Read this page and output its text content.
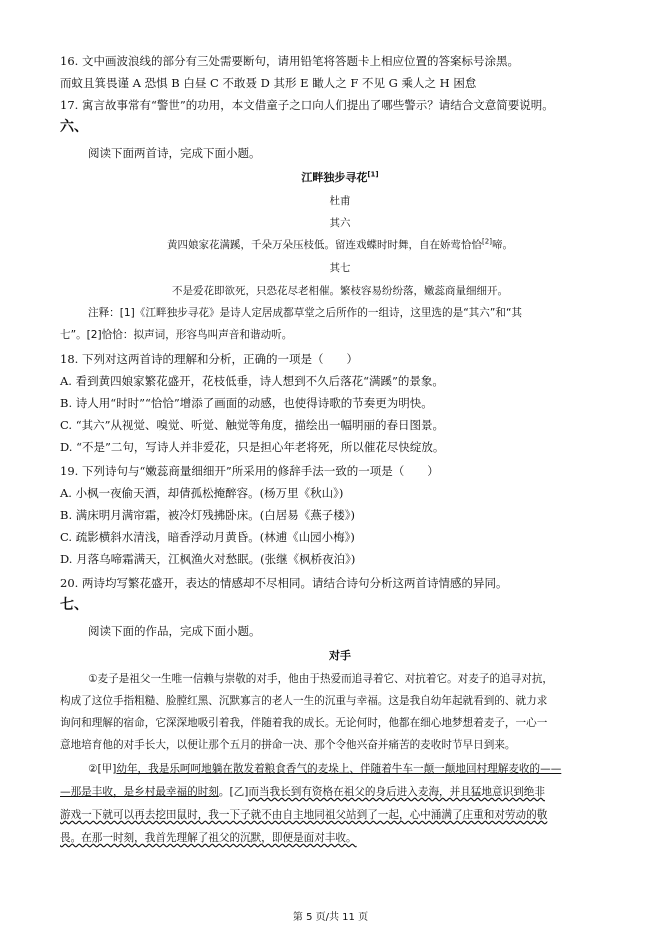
16. 文中画波浪线的部分有三处需要断句，请用铅笔将答题卡上相应位置的答案标号涂黑。
而蚊且箕畏谨 A 恐惧 B 白昼 C 不敢聂 D 其形 E 瞰人之 F 不见 G 乘人之 H 困怠
17. 寓言故事常有“警世”的功用，本文借童子之口向人们提出了哪些警示？请结合文意简要说明。
六、
阅读下面两首诗，完成下面小题。
江畔独步寻花[1]
杜甫
其六
黄四娘家花满蹊，千朵万朵压枝低。留连戏蝶时时舞，自在娇莺恰恰[2]啼。
其七
不是爱花即欲死，只恐花尽老相催。繁枝容易纷纷落，嫩蕊商量细细开。
注释：[1]《江畔独步寻花》是诗人定居成都草堂之后所作的一组诗，这里选的是“其六”和“其
七”。[2]恰恰：拟声词，形容鸟叫声音和谐动听。
18. 下列对这两首诗的理解和分析，正确的一项是（　　）
A. 看到黄四娘家繁花盛开，花枝低垂，诗人想到不久后落花“满蹊”的景象。
B. 诗人用“时时”“恰恰”增添了画面的动感，也使得诗歌的节奏更为明快。
C. “其六”从视觉、嗅觉、听觉、触觉等角度，描绘出一幅明丽的春日图景。
D. “不是”二句，写诗人并非爱花，只是担心年老将死，所以催花尽快绽放。
19. 下列诗句与“嫩蕊商量细细开”所采用的修辞手法一致的一项是（　　）
A. 小枫一夜偷天酒，却倩孤松掩醉容。(杨万里《秋山》)
B. 满床明月满帘霜，被冷灯残拂卧床。(白居易《燕子楼》)
C. 疏影横斜水清浅，暗香浮动月黄昏。(林逋《山园小梅》)
D. 月落乌啼霜满天，江枫渔火对愁眠。(张继《枫桥夜泊》)
20. 两诗均写繁花盛开，表达的情感却不尽相同。请结合诗句分析这两首诗情感的异同。
七、
阅读下面的作品，完成下面小题。
对手
①麦子是祖父一生唯一信赖与崇敬的对手，他由于热爱而追寻着它、对抗着它。对麦子的追寻对抗，
构成了这位手指粗糙、脸膛红黑、沉默寡言的老人一生的沉重与幸福。这是我自幼年起就看到的、就力求
询问和理解的宿命，它深深地吸引着我，伴随着我的成长。无论何时，他都在细心地梦想着麦子，一心一
意地培育他的对手长大，以便让那个五月的拼命一决、那个令他兴奋并痛苦的麦收时节早日到来。
②[甲]幼年，我是乐呵呵地躺在散发着粮食香气的麦垛上、伴随着牛车一颠一颠地回村理解麦收的——
—那是丰收，是乡村最幸福的时刻。[乙]而当我长到有资格在祖父的身后进入麦海，并且猛地意识到绝非
游戏一下就可以再去挖田鼠时，我一下子就不由自主地同祖父站到了一起，心中涌满了庄重和对劳动的敬
畏。在那一时刻，我首先理解了祖父的沉默，即便是面对丰收。
第 5 页/共 11 页
